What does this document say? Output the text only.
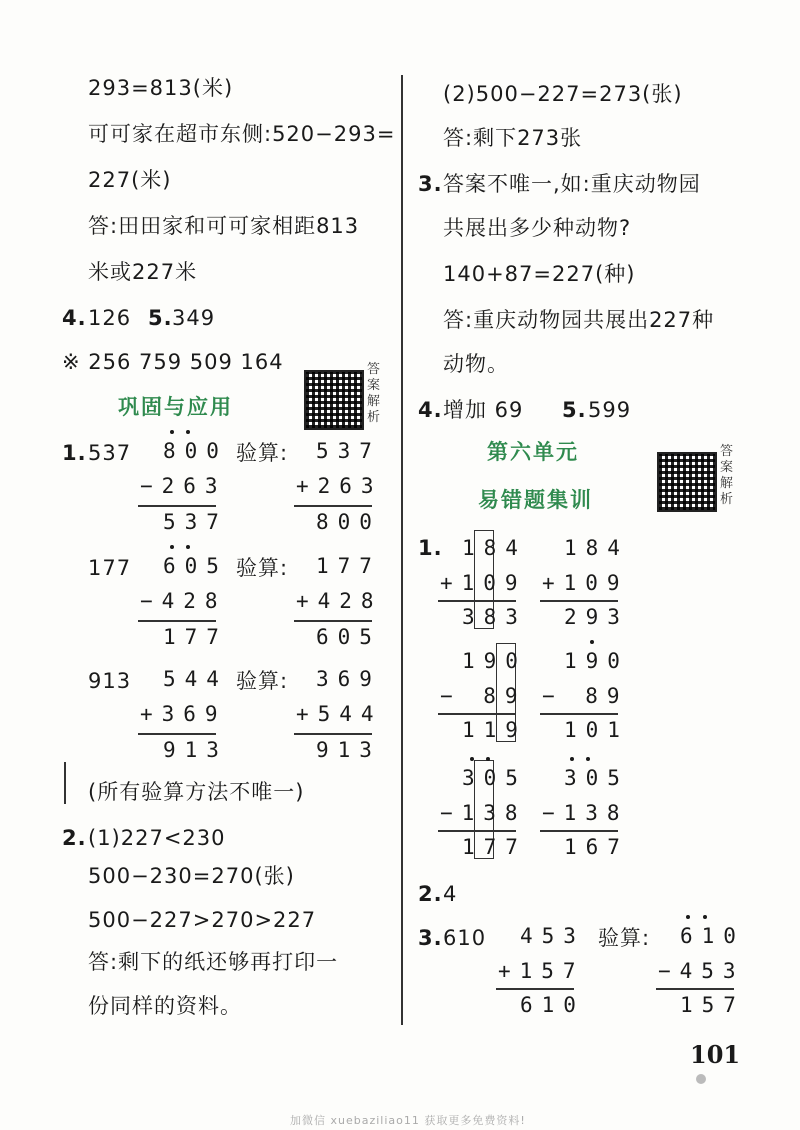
293=813(米)
可可家在超市东侧:520−293=
227(米)
答:田田家和可可家相距813
米或227米
4. 126 5. 349
※ 256 759 509 164	答案解析
巩固与应用
1. 537 800
−263
537
验算: 537
+263
800
177 605
−428
177
验算: 177
+428
605
913 544
+369
913
验算: 369
+544
913
(所有验算方法不唯一)
2. (1)227<230
500−230=270(张)
500−227>270>227
答:剩下的纸还够再打印一
份同样的资料。
(2)500−227=273(张)
答:剩下273张
3. 答案不唯一,如:重庆动物园
共展出多少种动物?
140+87=227(种)
答:重庆动物园共展出227种
动物。
4. 增加 69 5. 599
第六单元
易错题集训
答案解析
1. 184
+109
383
184
+109
293
190
− 89
119
190
− 89
101
305
−138
177
305
−138
167
2. 4
3. 610 453
+157
610
验算: 610
−453
157
101
加微信 xuebaziliao11 获取更多免费资料!
